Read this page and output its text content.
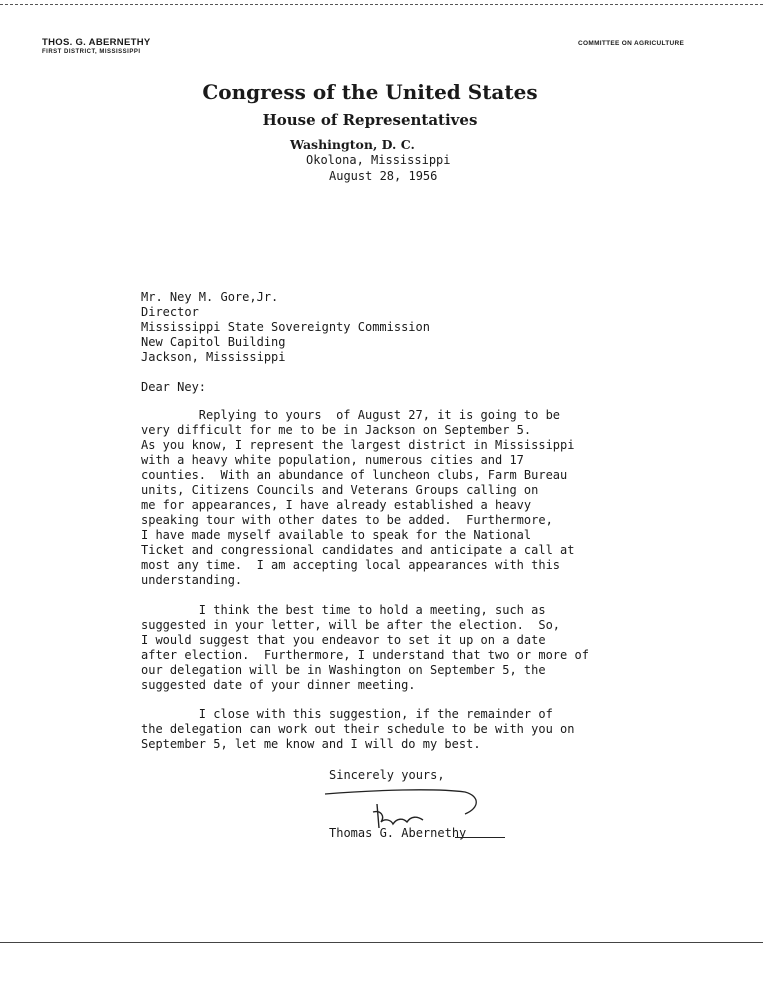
THOS. G. ABERNETHY
FIRST DISTRICT, MISSISSIPPI
COMMITTEE ON AGRICULTURE
Congress of the United States
House of Representatives
Washington, D. C.
Okolona, Mississippi
August 28, 1956
Mr. Ney M. Gore,Jr.
Director
Mississippi State Sovereignty Commission
New Capitol Building
Jackson, Mississippi
Dear Ney:
Replying to yours  of August 27, it is going to be
very difficult for me to be in Jackson on September 5.
As you know, I represent the largest district in Mississippi
with a heavy white population, numerous cities and 17
counties.  With an abundance of luncheon clubs, Farm Bureau
units, Citizens Councils and Veterans Groups calling on
me for appearances, I have already established a heavy
speaking tour with other dates to be added.  Furthermore,
I have made myself available to speak for the National
Ticket and congressional candidates and anticipate a call at
most any time.  I am accepting local appearances with this
understanding.
I think the best time to hold a meeting, such as
suggested in your letter, will be after the election.  So,
I would suggest that you endeavor to set it up on a date
after election.  Furthermore, I understand that two or more of
our delegation will be in Washington on September 5, the
suggested date of your dinner meeting.
I close with this suggestion, if the remainder of
the delegation can work out their schedule to be with you on
September 5, let me know and I will do my best.
Sincerely yours,
Thomas G. Abernethy
